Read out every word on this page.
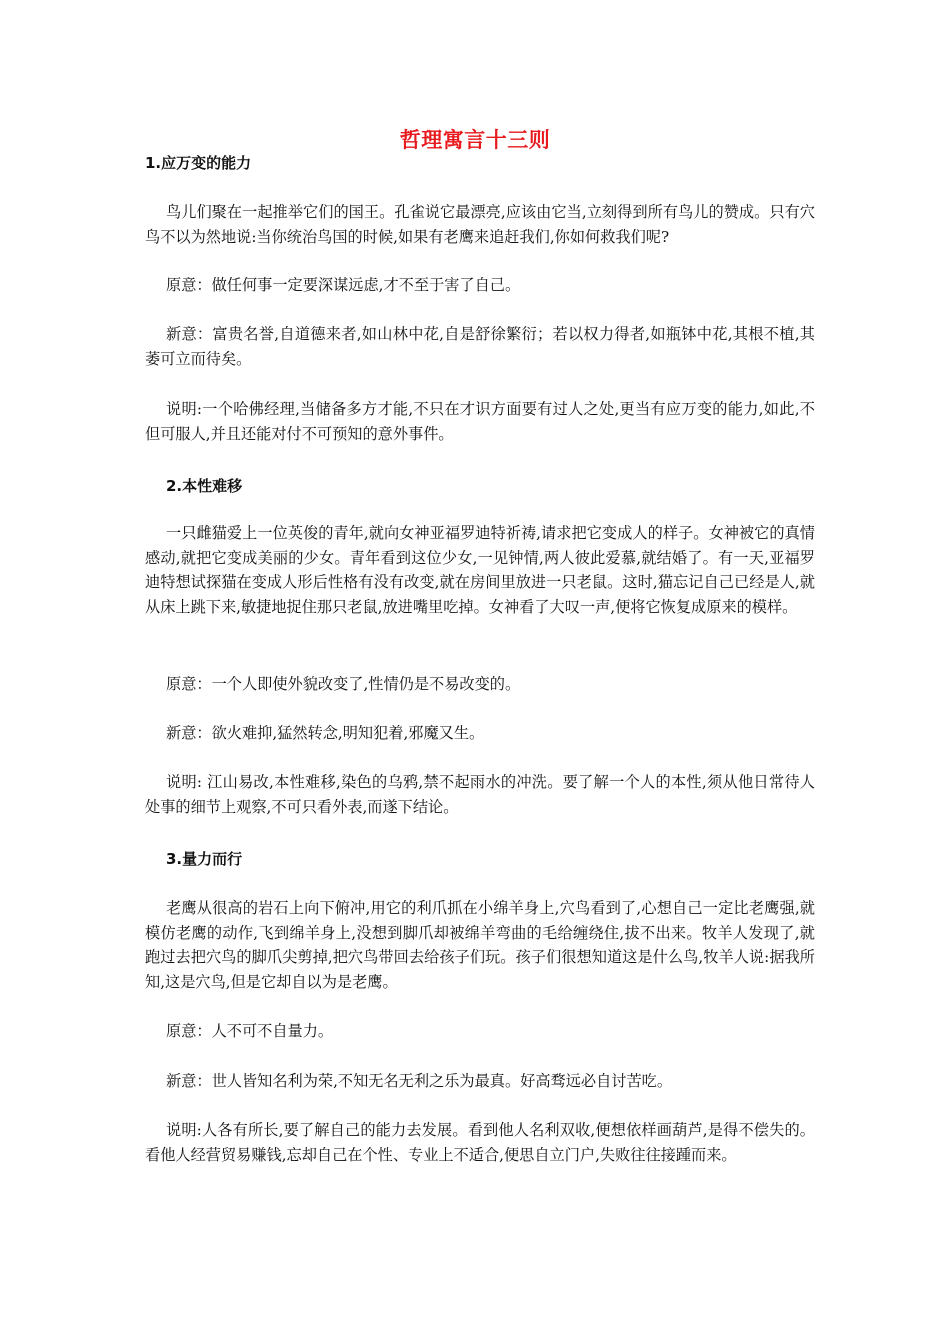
哲理寓言十三则
1.应万变的能力
鸟儿们聚在一起推举它们的国王。孔雀说它最漂亮,应该由它当,立刻得到所有鸟儿的赞成。只有穴鸟不以为然地说:当你统治鸟国的时候,如果有老鹰来追赶我们,你如何救我们呢?
原意：做任何事一定要深谋远虑,才不至于害了自己。
新意：富贵名誉,自道德来者,如山林中花,自是舒徐繁衍；若以权力得者,如瓶钵中花,其根不植,其萎可立而待矣。
说明:一个哈佛经理,当储备多方才能,不只在才识方面要有过人之处,更当有应万变的能力,如此,不但可服人,并且还能对付不可预知的意外事件。
2.本性难移
一只雌猫爱上一位英俊的青年,就向女神亚福罗迪特祈祷,请求把它变成人的样子。女神被它的真情感动,就把它变成美丽的少女。青年看到这位少女,一见钟情,两人彼此爱慕,就结婚了。有一天,亚福罗迪特想试探猫在变成人形后性格有没有改变,就在房间里放进一只老鼠。这时,猫忘记自己已经是人,就从床上跳下来,敏捷地捉住那只老鼠,放进嘴里吃掉。女神看了大叹一声,便将它恢复成原来的模样。
原意：一个人即使外貌改变了,性情仍是不易改变的。
新意：欲火难抑,猛然转念,明知犯着,邪魔又生。
说明: 江山易改,本性难移,染色的乌鸦,禁不起雨水的冲洗。要了解一个人的本性,须从他日常待人处事的细节上观察,不可只看外表,而遂下结论。
3.量力而行
老鹰从很高的岩石上向下俯冲,用它的利爪抓在小绵羊身上,穴鸟看到了,心想自己一定比老鹰强,就模仿老鹰的动作,飞到绵羊身上,没想到脚爪却被绵羊弯曲的毛给缠绕住,拔不出来。牧羊人发现了,就跑过去把穴鸟的脚爪尖剪掉,把穴鸟带回去给孩子们玩。孩子们很想知道这是什么鸟,牧羊人说:据我所知,这是穴鸟,但是它却自以为是老鹰。
原意：人不可不自量力。
新意：世人皆知名利为荣,不知无名无利之乐为最真。好高骛远必自讨苦吃。
说明:人各有所长,要了解自己的能力去发展。看到他人名利双收,便想依样画葫芦,是得不偿失的。看他人经营贸易赚钱,忘却自己在个性、专业上不适合,便思自立门户,失败往往接踵而来。
